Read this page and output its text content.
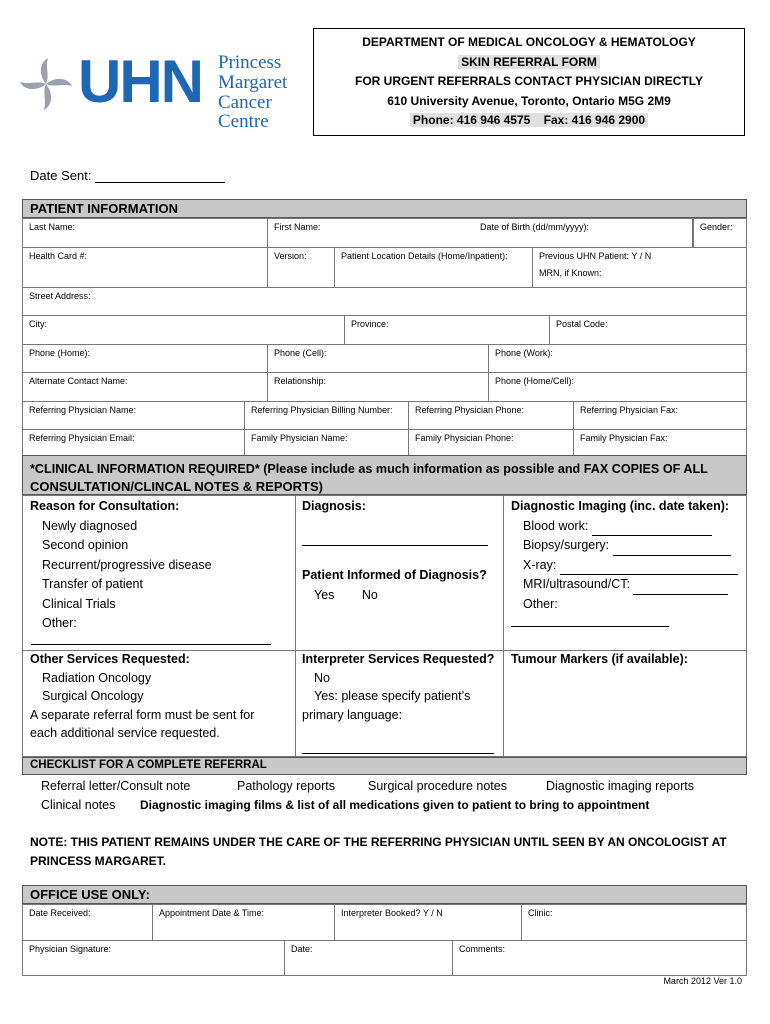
UHN Princess
Margaret
Cancer Centre
DEPARTMENT OF MEDICAL ONCOLOGY & HEMATOLOGY
SKIN REFERRAL FORM
FOR URGENT REFERRALS CONTACT PHYSICIAN DIRECTLY
610 University Avenue, Toronto, Ontario M5G 2M9
Phone: 416 946 4575    Fax: 416 946 2900
Date Sent:
PATIENT INFORMATION
Last Name:	First Name:	Date of Birth (dd/mm/yyyy):	Gender:
Health Card #:	Version:	Patient Location Details (Home/Inpatient):	Previous UHN Patient: Y / N
MRN, if Known:
Street Address:
City:	Province:	Postal Code:
Phone (Home):	Phone (Cell):	Phone (Work):
Alternate Contact Name:	Relationship:	Phone (Home/Cell):
Referring Physician Name:	Referring Physician Billing Number:	Referring Physician Phone:	Referring Physician Fax:
Referring Physician Email:	Family Physician Name:	Family Physician Phone:	Family Physician Fax:
*CLINICAL INFORMATION REQUIRED* (Please include as much information as possible and FAX COPIES OF ALL
CONSULTATION/CLINCAL NOTES & REPORTS)
Reason for Consultation:
Newly diagnosed
Second opinion
Recurrent/progressive disease
Transfer of patient
Clinical Trials
Other:
Diagnosis:
Patient Informed of Diagnosis?
Yes No
Diagnostic Imaging (inc. date taken):
Blood work:
Biopsy/surgery:
X-ray:
MRI/ultrasound/CT:
Other:
Other Services Requested:
Radiation Oncology
Surgical Oncology
A separate referral form must be sent for
each additional service requested.
Interpreter Services Requested?
No
Yes: please specify patient’s
primary language:
Tumour Markers (if available):
CHECKLIST FOR A COMPLETE REFERRAL
Referral letter/Consult note	Pathology reports	Surgical procedure notes	Diagnostic imaging reports
Clinical notes Diagnostic imaging films & list of all medications given to patient to bring to appointment
NOTE: THIS PATIENT REMAINS UNDER THE CARE OF THE REFERRING PHYSICIAN UNTIL SEEN BY AN ONCOLOGIST AT
PRINCESS MARGARET.
OFFICE USE ONLY:
Date Received:	Appointment Date & Time:	Interpreter Booked? Y / N	Clinic:
Physician Signature:	Date:	Comments:
March 2012 Ver 1.0
